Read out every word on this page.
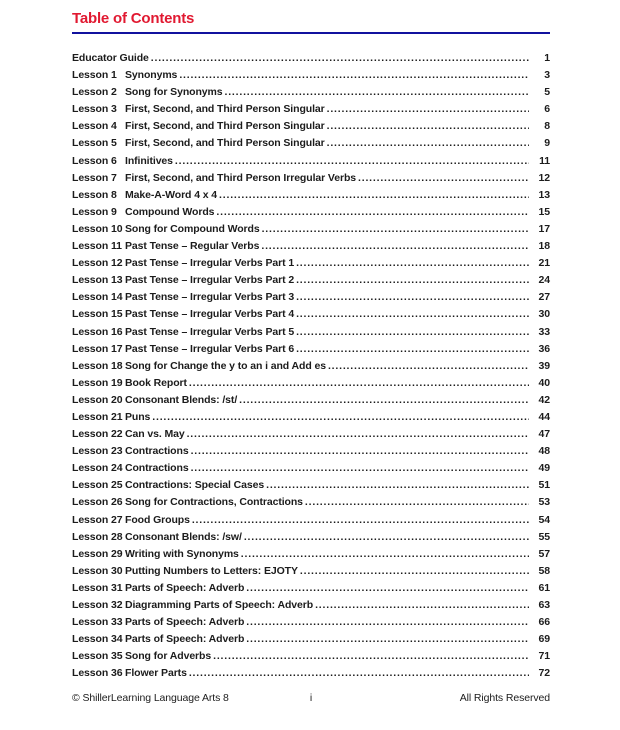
Table of Contents
Educator Guide .....	1
Lesson 1 Synonyms .....	3
Lesson 2 Song for Synonyms .....	5
Lesson 3 First, Second, and Third Person Singular .....	6
Lesson 4 First, Second, and Third Person Singular .....	8
Lesson 5 First, Second, and Third Person Singular .....	9
Lesson 6 Infinitives .....	11
Lesson 7 First, Second, and Third Person Irregular Verbs .....	12
Lesson 8 Make-A-Word 4 x 4 .....	13
Lesson 9 Compound Words .....	15
Lesson 10 Song for Compound Words .....	17
Lesson 11 Past Tense – Regular Verbs .....	18
Lesson 12 Past Tense – Irregular Verbs Part 1 .....	21
Lesson 13 Past Tense – Irregular Verbs Part 2 .....	24
Lesson 14 Past Tense – Irregular Verbs Part 3 .....	27
Lesson 15 Past Tense – Irregular Verbs Part 4 .....	30
Lesson 16 Past Tense – Irregular Verbs Part 5 .....	33
Lesson 17 Past Tense – Irregular Verbs Part 6 .....	36
Lesson 18 Song for Change the y to an i and Add es .....	39
Lesson 19 Book Report .....	40
Lesson 20 Consonant Blends: /st/ .....	42
Lesson 21 Puns .....	44
Lesson 22 Can vs. May .....	47
Lesson 23 Contractions .....	48
Lesson 24 Contractions .....	49
Lesson 25 Contractions: Special Cases .....	51
Lesson 26 Song for Contractions, Contractions .....	53
Lesson 27 Food Groups .....	54
Lesson 28 Consonant Blends: /sw/ .....	55
Lesson 29 Writing with Synonyms .....	57
Lesson 30 Putting Numbers to Letters: EJOTY .....	58
Lesson 31 Parts of Speech: Adverb .....	61
Lesson 32 Diagramming Parts of Speech: Adverb .....	63
Lesson 33 Parts of Speech: Adverb .....	66
Lesson 34 Parts of Speech: Adverb .....	69
Lesson 35 Song for Adverbs .....	71
Lesson 36 Flower Parts .....	72
© ShillerLearning Language Arts 8	i	All Rights Reserved
